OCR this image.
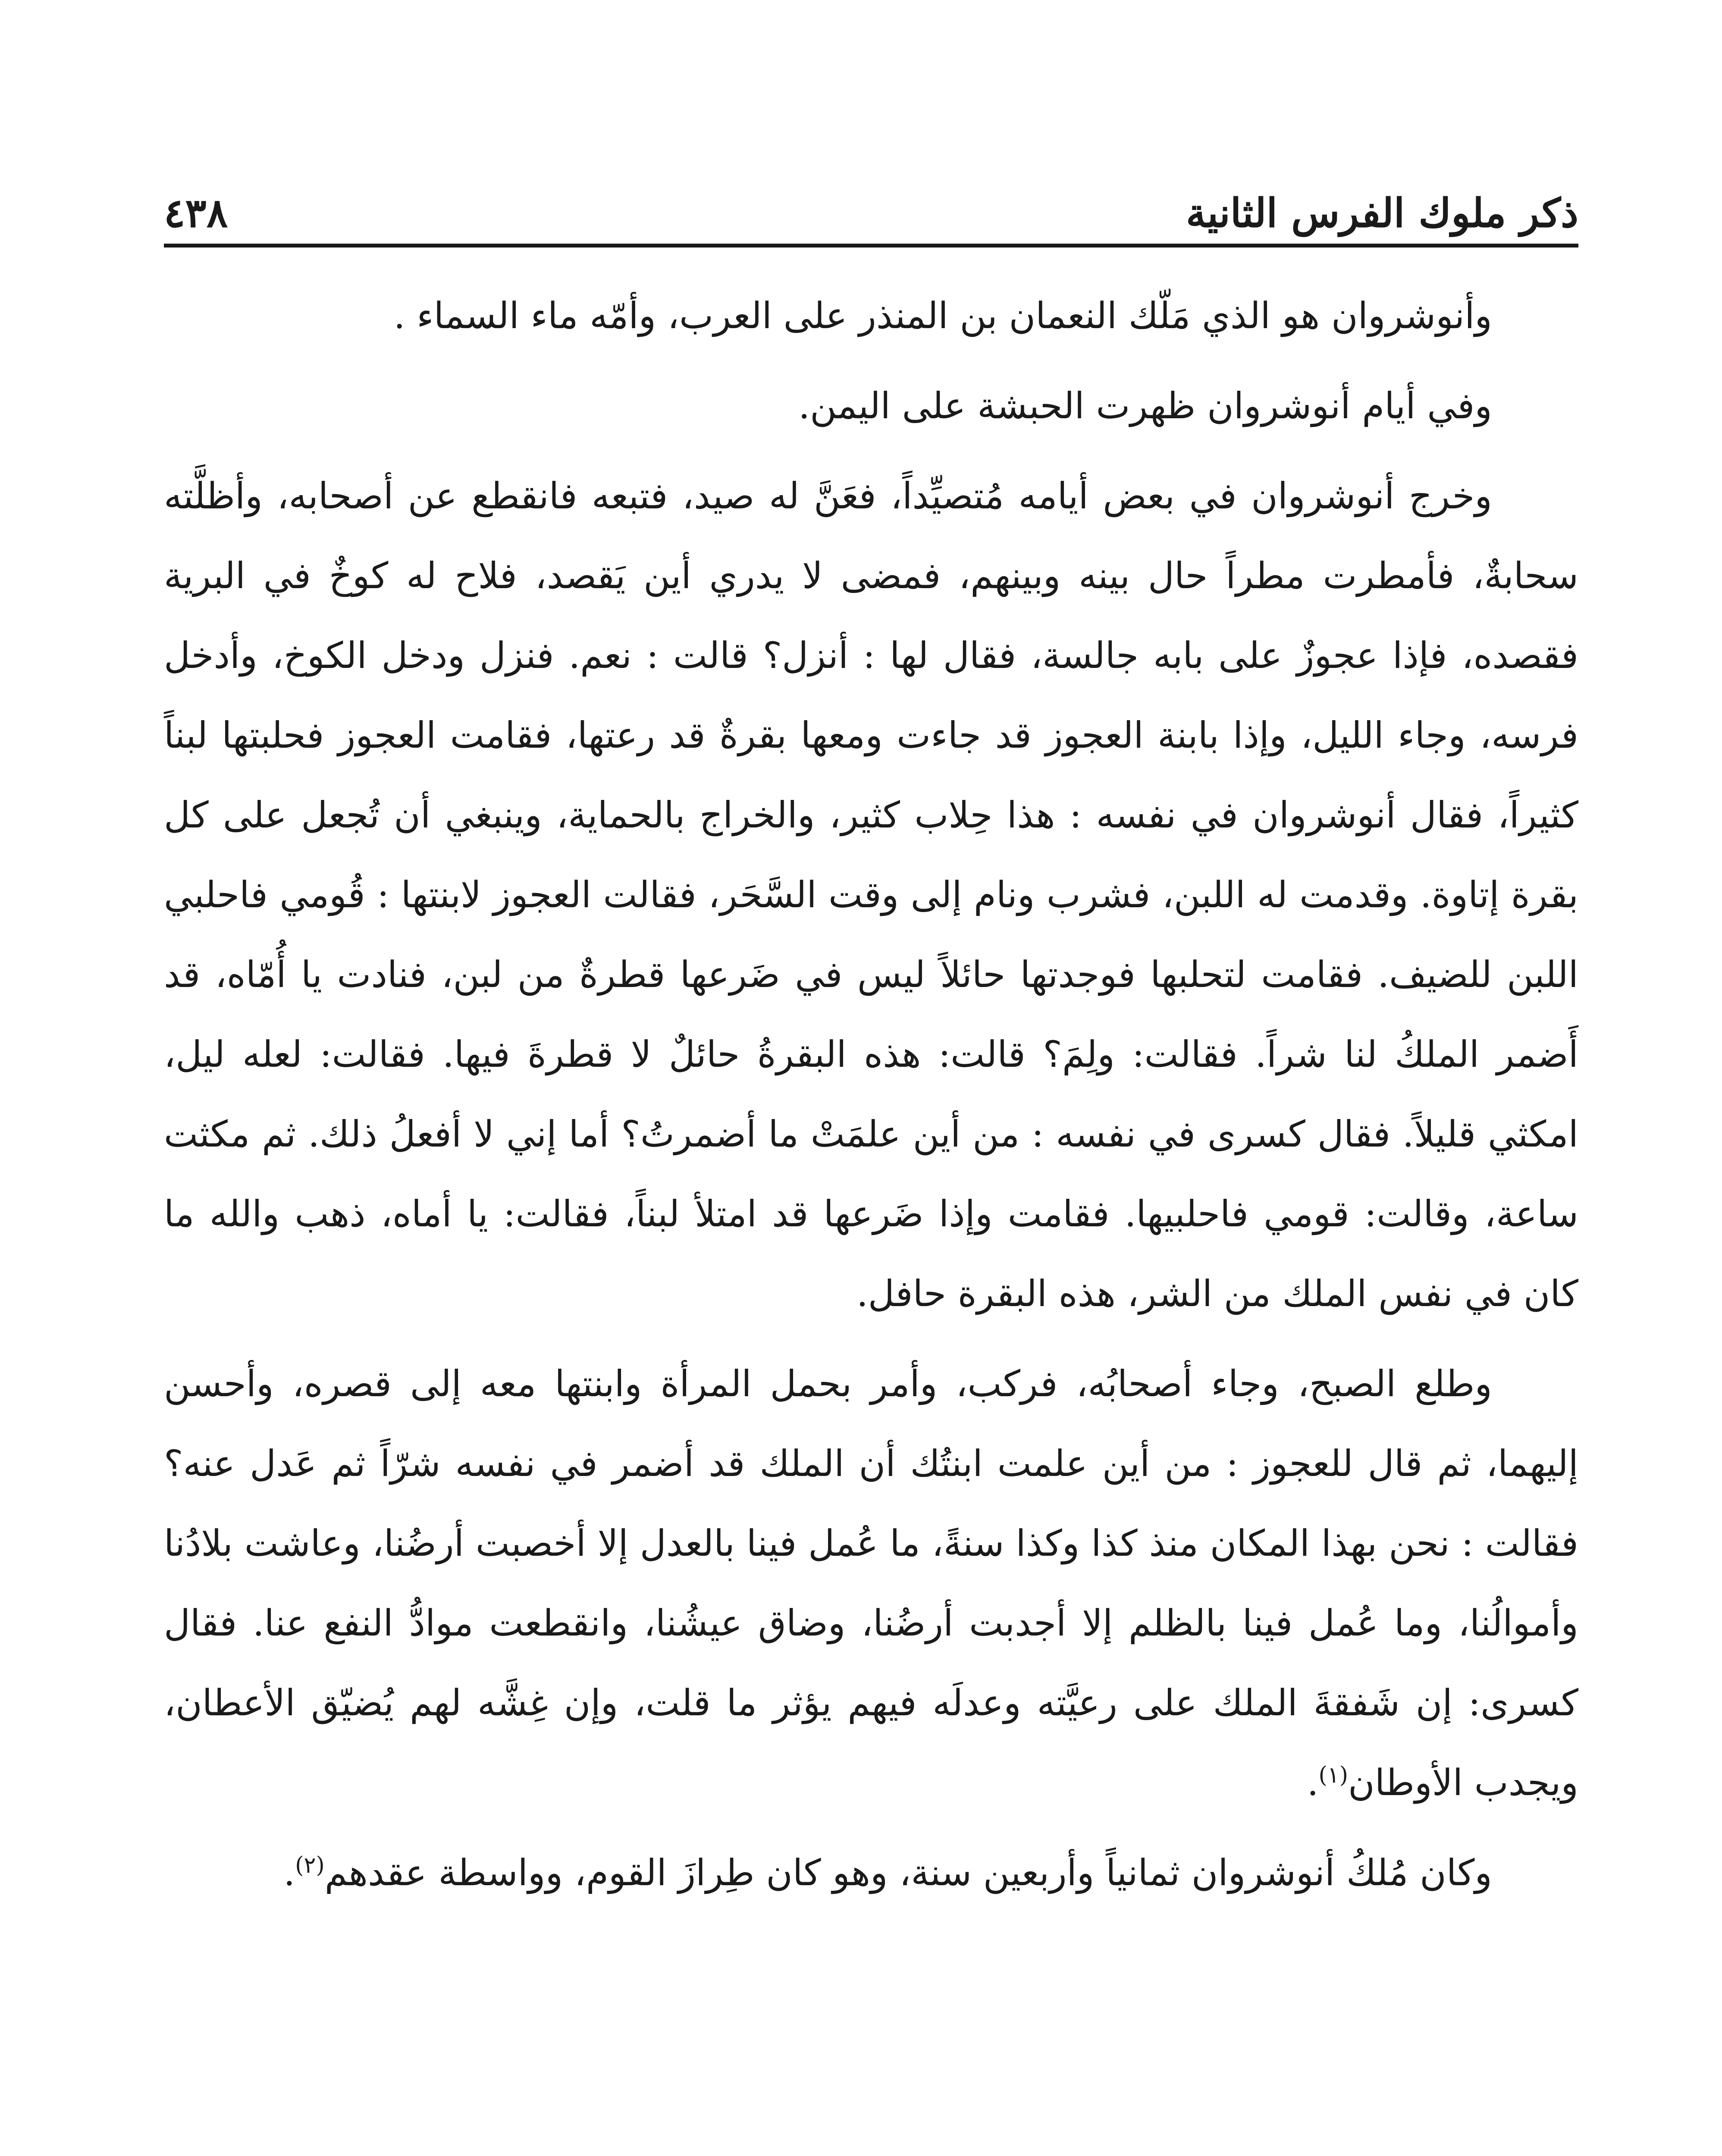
ذكر ملوك الفرس الثانية
٤٣٨

وأنوشروان هو الذي مَلّك النعمان بن المنذر على العرب، وأمّه ماء السماء .

وفي أيام أنوشروان ظهرت الحبشة على اليمن.

وخرج أنوشروان في بعض أيامه مُتصيِّداً، فعَنَّ له صيد، فتبعه فانقطع عن أصحابه، وأظلَّته سحابةٌ، فأمطرت مطراً حال بينه وبينهم، فمضى لا يدري أين يَقصد، فلاح له كوخٌ في البرية فقصده، فإذا عجوزٌ على بابه جالسة، فقال لها : أنزل؟ قالت : نعم. فنزل ودخل الكوخ، وأدخل فرسه، وجاء الليل، وإذا بابنة العجوز قد جاءت ومعها بقرةٌ قد رعتها، فقامت العجوز فحلبتها لبناً كثيراً، فقال أنوشروان في نفسه : هذا حِلاب كثير، والخراج بالحماية، وينبغي أن تُجعل على كل بقرة إتاوة. وقدمت له اللبن، فشرب ونام إلى وقت السَّحَر، فقالت العجوز لابنتها : قُومي فاحلبي اللبن للضيف. فقامت لتحلبها فوجدتها حائلاً ليس في ضَرعها قطرةٌ من لبن، فنادت يا أُمّاه، قد أَضمر الملكُ لنا شراً. فقالت: ولِمَ؟ قالت: هذه البقرةُ حائلٌ لا قطرةَ فيها. فقالت: لعله ليل، امكثي قليلاً. فقال كسرى في نفسه : من أين علمَتْ ما أضمرتُ؟ أما إني لا أفعلُ ذلك. ثم مكثت ساعة، وقالت: قومي فاحلبيها. فقامت وإذا ضَرعها قد امتلأ لبناً، فقالت: يا أماه، ذهب والله ما كان في نفس الملك من الشر، هذه البقرة حافل.

وطلع الصبح، وجاء أصحابُه، فركب، وأمر بحمل المرأة وابنتها معه إلى قصره، وأحسن إليهما، ثم قال للعجوز : من أين علمت ابنتُك أن الملك قد أضمر في نفسه شرّاً ثم عَدل عنه؟ فقالت : نحن بهذا المكان منذ كذا وكذا سنةً، ما عُمل فينا بالعدل إلا أخصبت أرضُنا، وعاشت بلادُنا وأموالُنا، وما عُمل فينا بالظلم إلا أجدبت أرضُنا، وضاق عيشُنا، وانقطعت موادُّ النفع عنا. فقال كسرى: إن شَفقةَ الملك على رعيَّته وعدلَه فيهم يؤثر ما قلت، وإن غِشَّه لهم يُضيّق الأعطان، ويجدب الأوطان$^{(١)}$.

وكان مُلكُ أنوشروان ثمانياً وأربعين سنة، وهو كان طِرازَ القوم، وواسطة عقدهم$^{(٢)}$.
